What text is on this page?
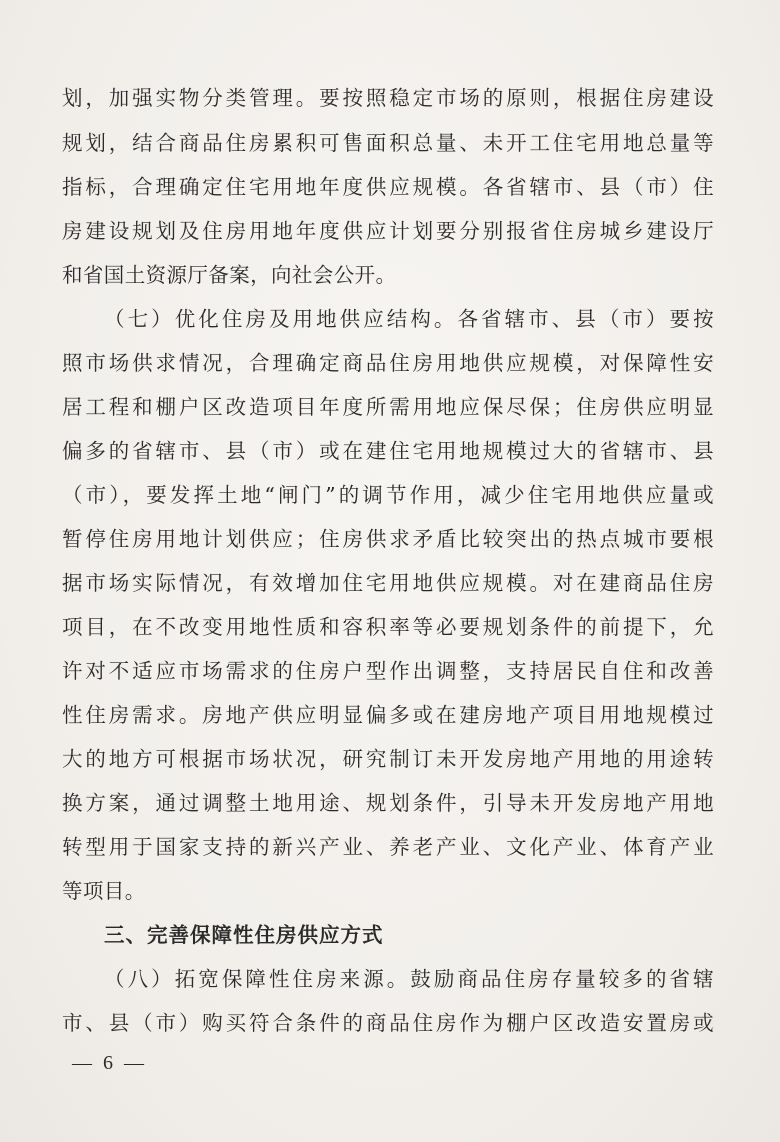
划，加强实物分类管理。要按照稳定市场的原则，根据住房建设
规划，结合商品住房累积可售面积总量、未开工住宅用地总量等
指标，合理确定住宅用地年度供应规模。各省辖市、县（市）住
房建设规划及住房用地年度供应计划要分别报省住房城乡建设厅
和省国土资源厅备案，向社会公开。
（七）优化住房及用地供应结构。各省辖市、县（市）要按
照市场供求情况，合理确定商品住房用地供应规模，对保障性安
居工程和棚户区改造项目年度所需用地应保尽保；住房供应明显
偏多的省辖市、县（市）或在建住宅用地规模过大的省辖市、县
（市），要发挥土地“闸门”的调节作用，减少住宅用地供应量或
暂停住房用地计划供应；住房供求矛盾比较突出的热点城市要根
据市场实际情况，有效增加住宅用地供应规模。对在建商品住房
项目，在不改变用地性质和容积率等必要规划条件的前提下，允
许对不适应市场需求的住房户型作出调整，支持居民自住和改善
性住房需求。房地产供应明显偏多或在建房地产项目用地规模过
大的地方可根据市场状况，研究制订未开发房地产用地的用途转
换方案，通过调整土地用途、规划条件，引导未开发房地产用地
转型用于国家支持的新兴产业、养老产业、文化产业、体育产业
等项目。
三、完善保障性住房供应方式
（八）拓宽保障性住房来源。鼓励商品住房存量较多的省辖
市、县（市）购买符合条件的商品住房作为棚户区改造安置房或
— 6 —
